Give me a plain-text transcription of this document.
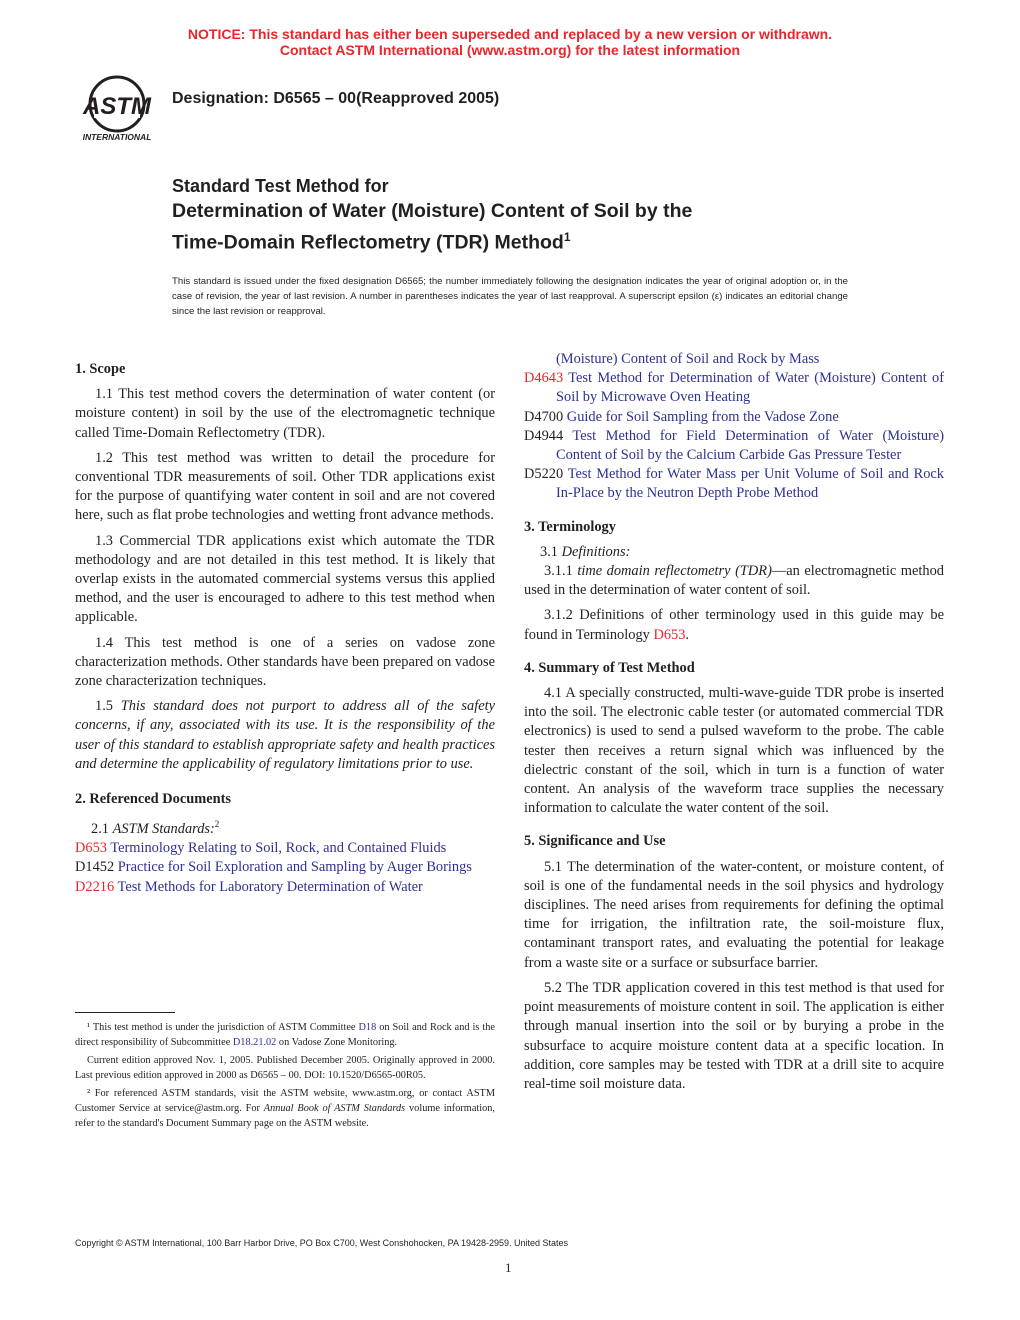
NOTICE: This standard has either been superseded and replaced by a new version or withdrawn.
Contact ASTM International (www.astm.org) for the latest information
ASTM
INTERNATIONAL
Designation: D6565 – 00(Reapproved 2005)
Standard Test Method for
Determination of Water (Moisture) Content of Soil by the
Time-Domain Reflectometry (TDR) Method$^1$
This standard is issued under the fixed designation D6565; the number immediately following the designation indicates the year of original adoption or, in the case of revision, the year of last revision. A number in parentheses indicates the year of last reapproval. A superscript epsilon (ε) indicates an editorial change since the last revision or reapproval.

1. Scope

1.1 This test method covers the determination of water content (or moisture content) in soil by the use of the electromagnetic technique called Time-Domain Reflectometry (TDR).

1.2 This test method was written to detail the procedure for conventional TDR measurements of soil. Other TDR applications exist for the purpose of quantifying water content in soil and are not covered here, such as flat probe technologies and wetting front advance methods.

1.3 Commercial TDR applications exist which automate the TDR methodology and are not detailed in this test method. It is likely that overlap exists in the automated commercial systems versus this applied method, and the user is encouraged to adhere to this test method when applicable.

1.4 This test method is one of a series on vadose zone characterization methods. Other standards have been prepared on vadose zone characterization techniques.

1.5 This standard does not purport to address all of the safety concerns, if any, associated with its use. It is the responsibility of the user of this standard to establish appropriate safety and health practices and determine the applicability of regulatory limitations prior to use.

2. Referenced Documents

2.1 ASTM Standards:$^2$

D653 Terminology Relating to Soil, Rock, and Contained Fluids

D1452 Practice for Soil Exploration and Sampling by Auger Borings

D2216 Test Methods for Laboratory Determination of Water

(Moisture) Content of Soil and Rock by Mass

D4643 Test Method for Determination of Water (Moisture) Content of Soil by Microwave Oven Heating

D4700 Guide for Soil Sampling from the Vadose Zone

D4944 Test Method for Field Determination of Water (Moisture) Content of Soil by the Calcium Carbide Gas Pressure Tester

D5220 Test Method for Water Mass per Unit Volume of Soil and Rock In-Place by the Neutron Depth Probe Method

3. Terminology

3.1 Definitions:

3.1.1 time domain reflectometry (TDR)—an electromagnetic method used in the determination of water content of soil.

3.1.2 Definitions of other terminology used in this guide may be found in Terminology D653.

4. Summary of Test Method

4.1 A specially constructed, multi-wave-guide TDR probe is inserted into the soil. The electronic cable tester (or automated commercial TDR electronics) is used to send a pulsed waveform to the probe. The cable tester then receives a return signal which was influenced by the dielectric constant of the soil, which in turn is a function of water content. An analysis of the waveform trace supplies the necessary information to calculate the water content of the soil.

5. Significance and Use

5.1 The determination of the water-content, or moisture content, of soil is one of the fundamental needs in the soil physics and hydrology disciplines. The need arises from requirements for defining the optimal time for irrigation, the infiltration rate, the soil-moisture flux, contaminant transport rates, and evaluating the potential for leakage from a waste site or a surface or subsurface barrier.

5.2 The TDR application covered in this test method is that used for point measurements of moisture content in soil. The application is either through manual insertion into the soil or by burying a probe in the subsurface to acquire moisture content data at a specific location. In addition, core samples may be tested with TDR at a drill site to acquire real-time soil moisture data.

¹ This test method is under the jurisdiction of ASTM Committee D18 on Soil and Rock and is the direct responsibility of Subcommittee D18.21.02 on Vadose Zone Monitoring.

Current edition approved Nov. 1, 2005. Published December 2005. Originally approved in 2000. Last previous edition approved in 2000 as D6565 – 00. DOI: 10.1520/D6565-00R05.

² For referenced ASTM standards, visit the ASTM website, www.astm.org, or contact ASTM Customer Service at service@astm.org. For Annual Book of ASTM Standards volume information, refer to the standard's Document Summary page on the ASTM website.

Copyright © ASTM International, 100 Barr Harbor Drive, PO Box C700, West Conshohocken, PA 19428-2959. United States
1
